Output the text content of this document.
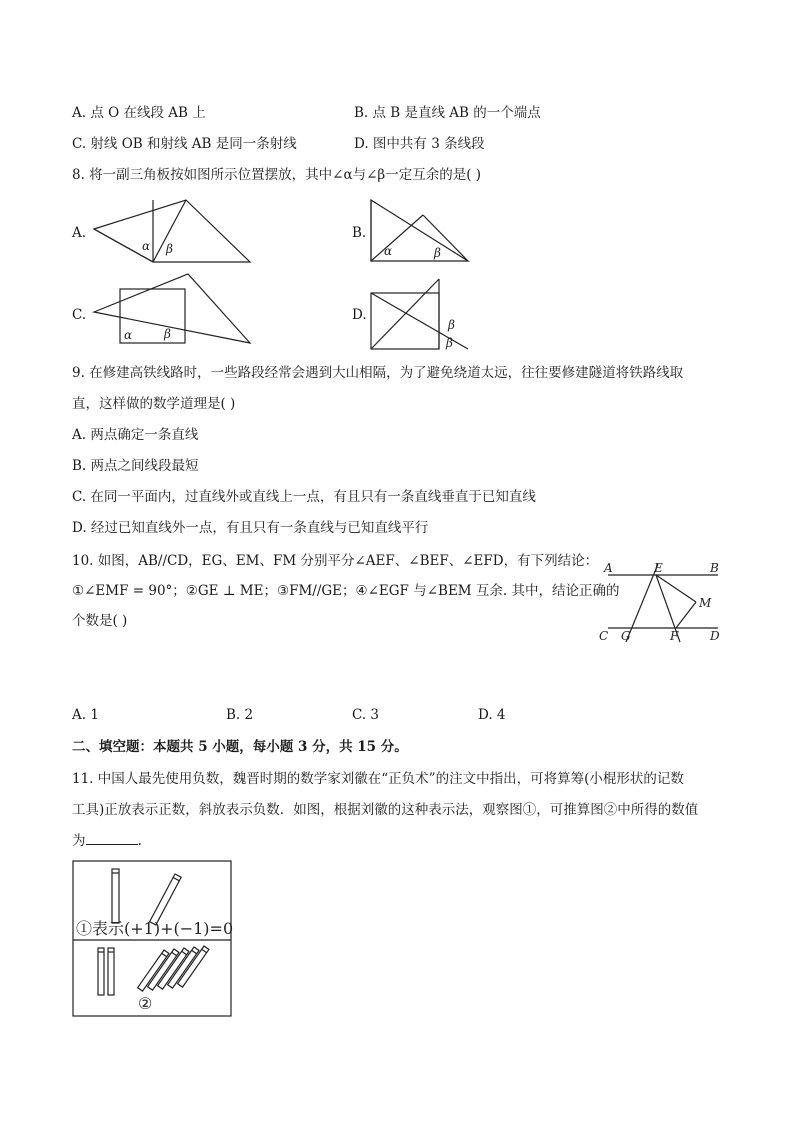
A. 点 O 在线段 AB 上	B. 点 B 是直线 AB 的一个端点
C. 射线 OB 和射线 AB 是同一条射线	D. 图中共有 3 条线段
8. 将一副三角板按如图所示位置摆放，其中∠α与∠β一定互余的是( )
A.
α β
B.
α	β
C.
α	β
D.
β
β
9. 在修建高铁线路时，一些路段经常会遇到大山相隔，为了避免绕道太远，往往要修建隧道将铁路线取
直，这样做的数学道理是( )
A. 两点确定一条直线
B. 两点之间线段最短
C. 在同一平面内，过直线外或直线上一点，有且只有一条直线垂直于已知直线
D. 经过已知直线外一点，有且只有一条直线与已知直线平行
10. 如图，AB//CD，EG、EM、FM 分别平分∠AEF、∠BEF、∠EFD，有下列结论：
①∠EMF = 90°；②GE ⊥ ME；③FM//GE；④∠EGF 与∠BEM 互余. 其中，结论正确的
个数是( )
A	E	B
M
C G	F	D
A. 1	B. 2	C. 3	D. 4
二、填空题：本题共 5 小题，每小题 3 分，共 15 分。
11. 中国人最先使用负数，魏晋时期的数学家刘徽在“正负术”的注文中指出，可将算筹(小棍形状的记数
工具)正放表示正数，斜放表示负数．如图，根据刘徽的这种表示法，观察图①，可推算图②中所得的数值
为	.
①表示(+1)+(−1)=0
②
